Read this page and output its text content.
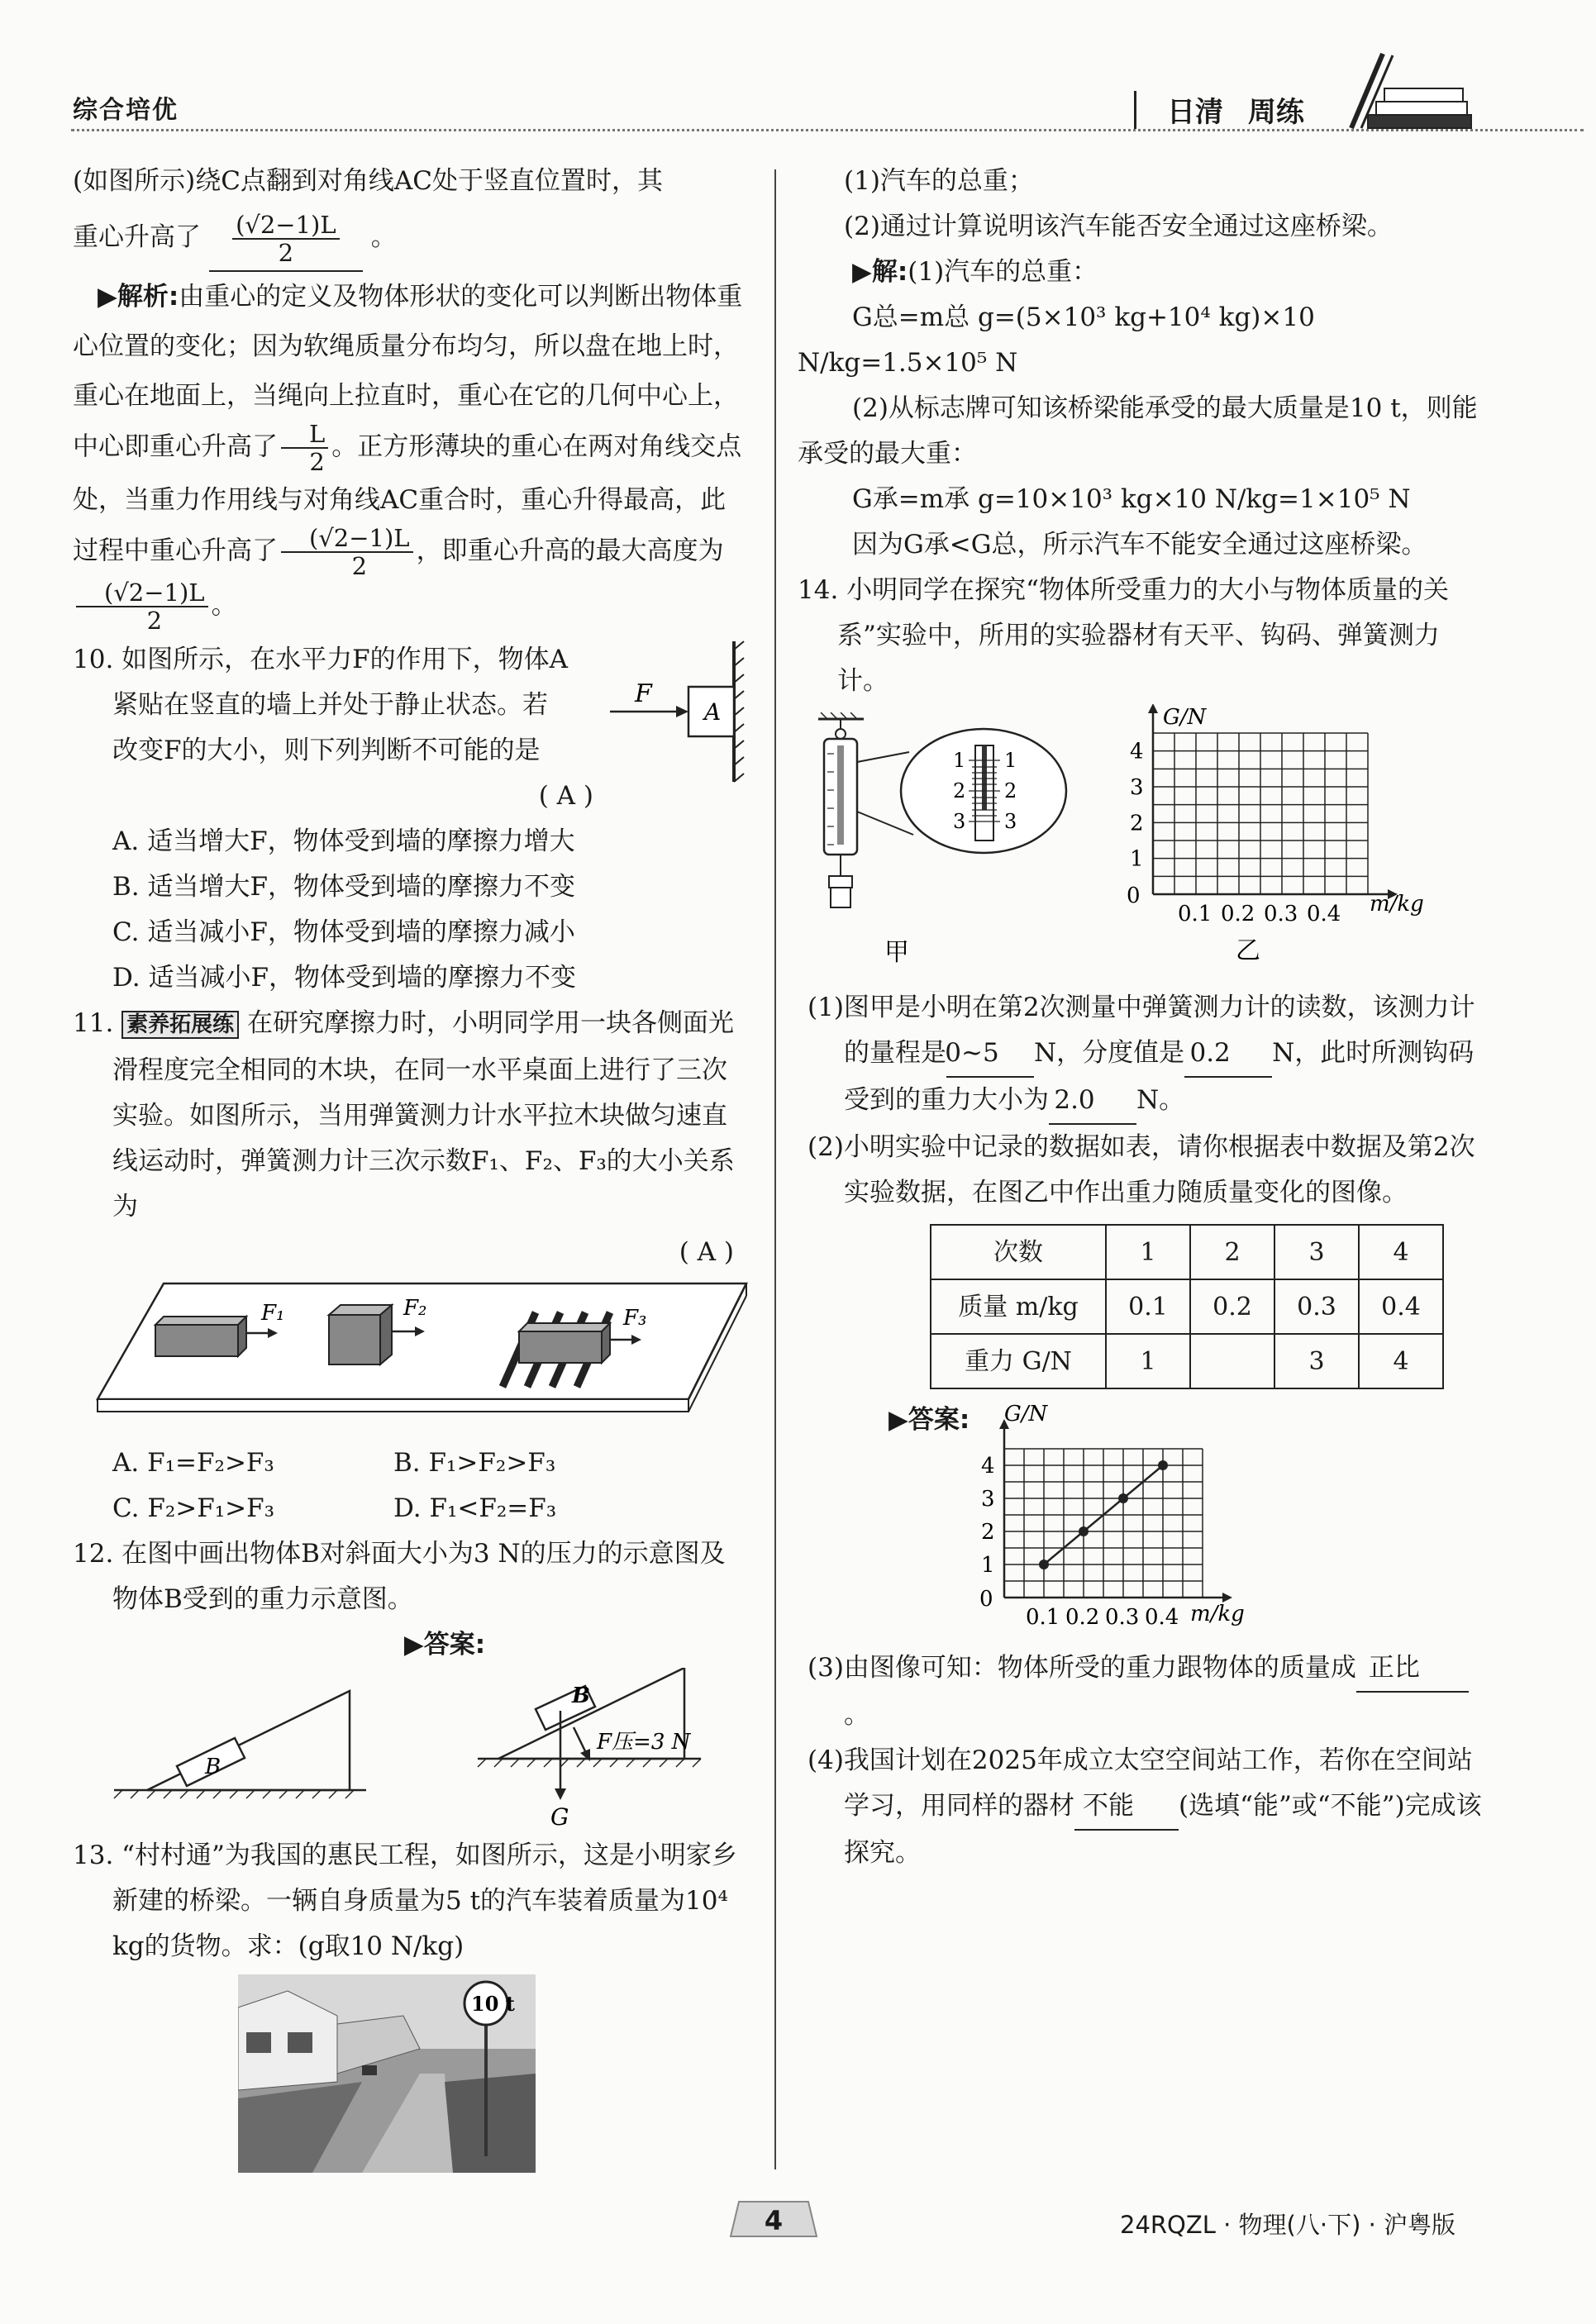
综合培优	日清 周练

(如图所示)绕C点翻到对角线AC处于竖直位置时，其

重心升高了 $\frac{(√2-1)L}{2}$ 。

▶解析:由重心的定义及物体形状的变化可以判断出物体重心位置的变化；因为软绳质量分布均匀，所以盘在地上时，重心在地面上，当绳向上拉直时，重心在它的几何中心上，中心即重心升高了 $\frac{L}{2}$ 。正方形薄块的重心在两对角线交点处，当重力作用线与对角线AC重合时，重心升得最高，此过程中重心升高了 $\frac{(√2-1)L}{2}$ ，即重心升高的最大高度为
$\frac{(√2-1)L}{2}$ 。

A
F

10. 如图所示，在水平力F的作用下，物体A

紧贴在竖直的墙上并处于静止状态。若

改变F的大小，则下列判断不可能的是

( A )

A. 适当增大F，物体受到墙的摩擦力增大

B. 适当增大F，物体受到墙的摩擦力不变

C. 适当减小F，物体受到墙的摩擦力减小

D. 适当减小F，物体受到墙的摩擦力不变

11. 素养拓展练 在研究摩擦力时，小明同学用一块各侧面光滑程度完全相同的木块，在同一水平桌面上进行了三次实验。如图所示，当用弹簧测力计水平拉木块做匀速直线运动时，弹簧测力计三次示数F₁、F₂、F₃的大小关系为

( A )

F₁	F₂	F₃

A. F₁=F₂>F₃	B. F₁>F₂>F₃

C. F₂>F₁>F₃	D. F₁<F₂=F₃

12. 在图中画出物体B对斜面大小为3 N的压力的示意图及物体B受到的重力示意图。

▶答案:

B
B
F压=3 N
G

13. “村村通”为我国的惠民工程，如图所示，这是小明家乡新建的桥梁。一辆自身质量为5 t的汽车装着质量为10⁴ kg的货物。求：(g取10 N/kg)

10 t

(1)汽车的总重；

(2)通过计算说明该汽车能否安全通过这座桥梁。

▶解:(1)汽车的总重：

G总=m总 g=(5×10³ kg+10⁴ kg)×10 N/kg=1.5×10⁵ N

(2)从标志牌可知该桥梁能承受的最大质量是10 t，则能承受的最大重：

G承=m承 g=10×10³ kg×10 N/kg=1×10⁵ N

因为G承<G总，所示汽车不能安全通过这座桥梁。

14. 小明同学在探究“物体所受重力的大小与物体质量的关系”实验中，所用的实验器材有天平、钩码、弹簧测力计。

1
2
3
1
2
3
甲
0.1 0.2 0.3 0.4
1
2
3
4
G/N
m/kg
0
乙

(1)图甲是小明在第2次测量中弹簧测力计的读数，该测力计的量程是0~5 N，分度值是 0.2 N，此时所测钩码受到的重力大小为 2.0 N。

(2)小明实验中记录的数据如表，请你根据表中数据及第2次实验数据，在图乙中作出重力随质量变化的图像。

次数	1	2	3	4
质量 m/kg	0.1	0.2	0.3	0.4
重力 G/N	1		3	4
▶答案:
0.1 0.2 0.3 0.4
1
2
3
4
G/N
m/kg
0

(3)由图像可知：物体所受的重力跟物体的质量成 正比。

(4)我国计划在2025年成立太空空间站工作，若你在空间站学习，用同样的器材 不能 (选填“能”或“不能”)完成该探究。

4	24RQZL · 物理(八·下) · 沪粤版
